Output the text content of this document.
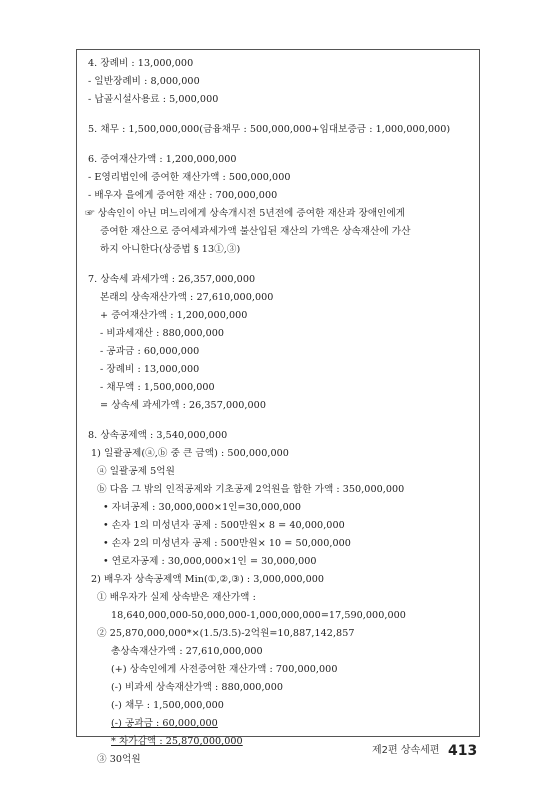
4. 장례비 : 13,000,000
- 일반장례비 : 8,000,000
- 납골시설사용료 : 5,000,000
5. 채무 : 1,500,000,000(금융채무 : 500,000,000+임대보증금 : 1,000,000,000)
6. 증여재산가액 : 1,200,000,000
- E영리법인에 증여한 재산가액 : 500,000,000
- 배우자 을에게 증여한 재산 : 700,000,000
☞ 상속인이 아닌 며느리에게 상속개시전 5년전에 증여한 재산과 장애인에게
증여한 재산으로 증여세과세가액 불산입된 재산의 가액은 상속재산에 가산
하지 아니한다(상증법 § 13①,③)
7. 상속세 과세가액 : 26,357,000,000
본래의 상속재산가액 : 27,610,000,000
+ 증여재산가액 : 1,200,000,000
- 비과세재산 : 880,000,000
- 공과금 : 60,000,000
- 장례비 : 13,000,000
- 채무액 : 1,500,000,000
= 상속세 과세가액 : 26,357,000,000
8. 상속공제액 : 3,540,000,000
1) 일괄공제(ⓐ,ⓑ 중 큰 금액) : 500,000,000
ⓐ 일괄공제 5억원
ⓑ 다음 그 밖의 인적공제와 기초공제 2억원을 합한 가액 : 350,000,000
• 자녀공제 : 30,000,000×1인=30,000,000
• 손자 1의 미성년자 공제 : 500만원× 8 = 40,000,000
• 손자 2의 미성년자 공제 : 500만원× 10 = 50,000,000
• 연로자공제 : 30,000,000×1인 = 30,000,000
2) 배우자 상속공제액 Min(①,②,③) : 3,000,000,000
① 배우자가 실제 상속받은 재산가액 :
18,640,000,000-50,000,000-1,000,000,000=17,590,000,000
② 25,870,000,000*×(1.5/3.5)-2억원=10,887,142,857
총상속재산가액 : 27,610,000,000
(+) 상속인에게 사전증여한 재산가액 : 700,000,000
(-) 비과세 상속재산가액 : 880,000,000
(-) 채무 : 1,500,000,000
(-) 공과금 : 60,000,000
* 차가감액 : 25,870,000,000
③ 30억원
제2편 상속세편 413
